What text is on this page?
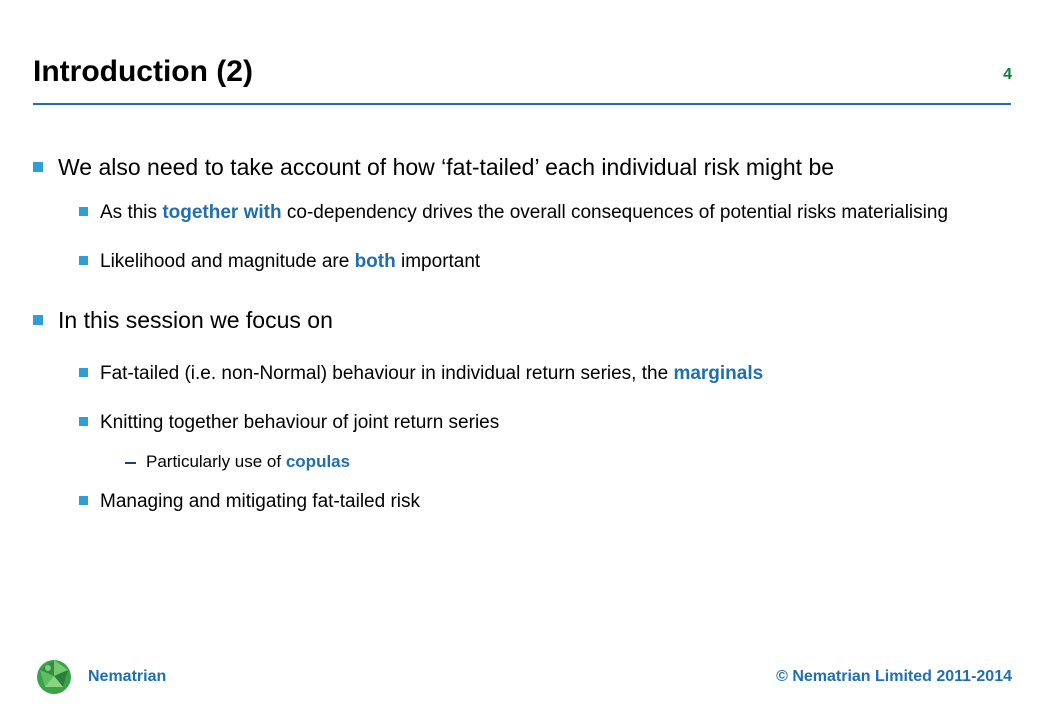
Introduction (2)	4
We also need to take account of how ‘fat-tailed’ each individual risk might be
As this together with co-dependency drives the overall consequences of potential risks materialising
Likelihood and magnitude are both important
In this session we focus on
Fat-tailed (i.e. non-Normal) behaviour in individual return series, the marginals
Knitting together behaviour of joint return series
Particularly use of copulas
Managing and mitigating fat-tailed risk
Nematrian	© Nematrian Limited 2011-2014
